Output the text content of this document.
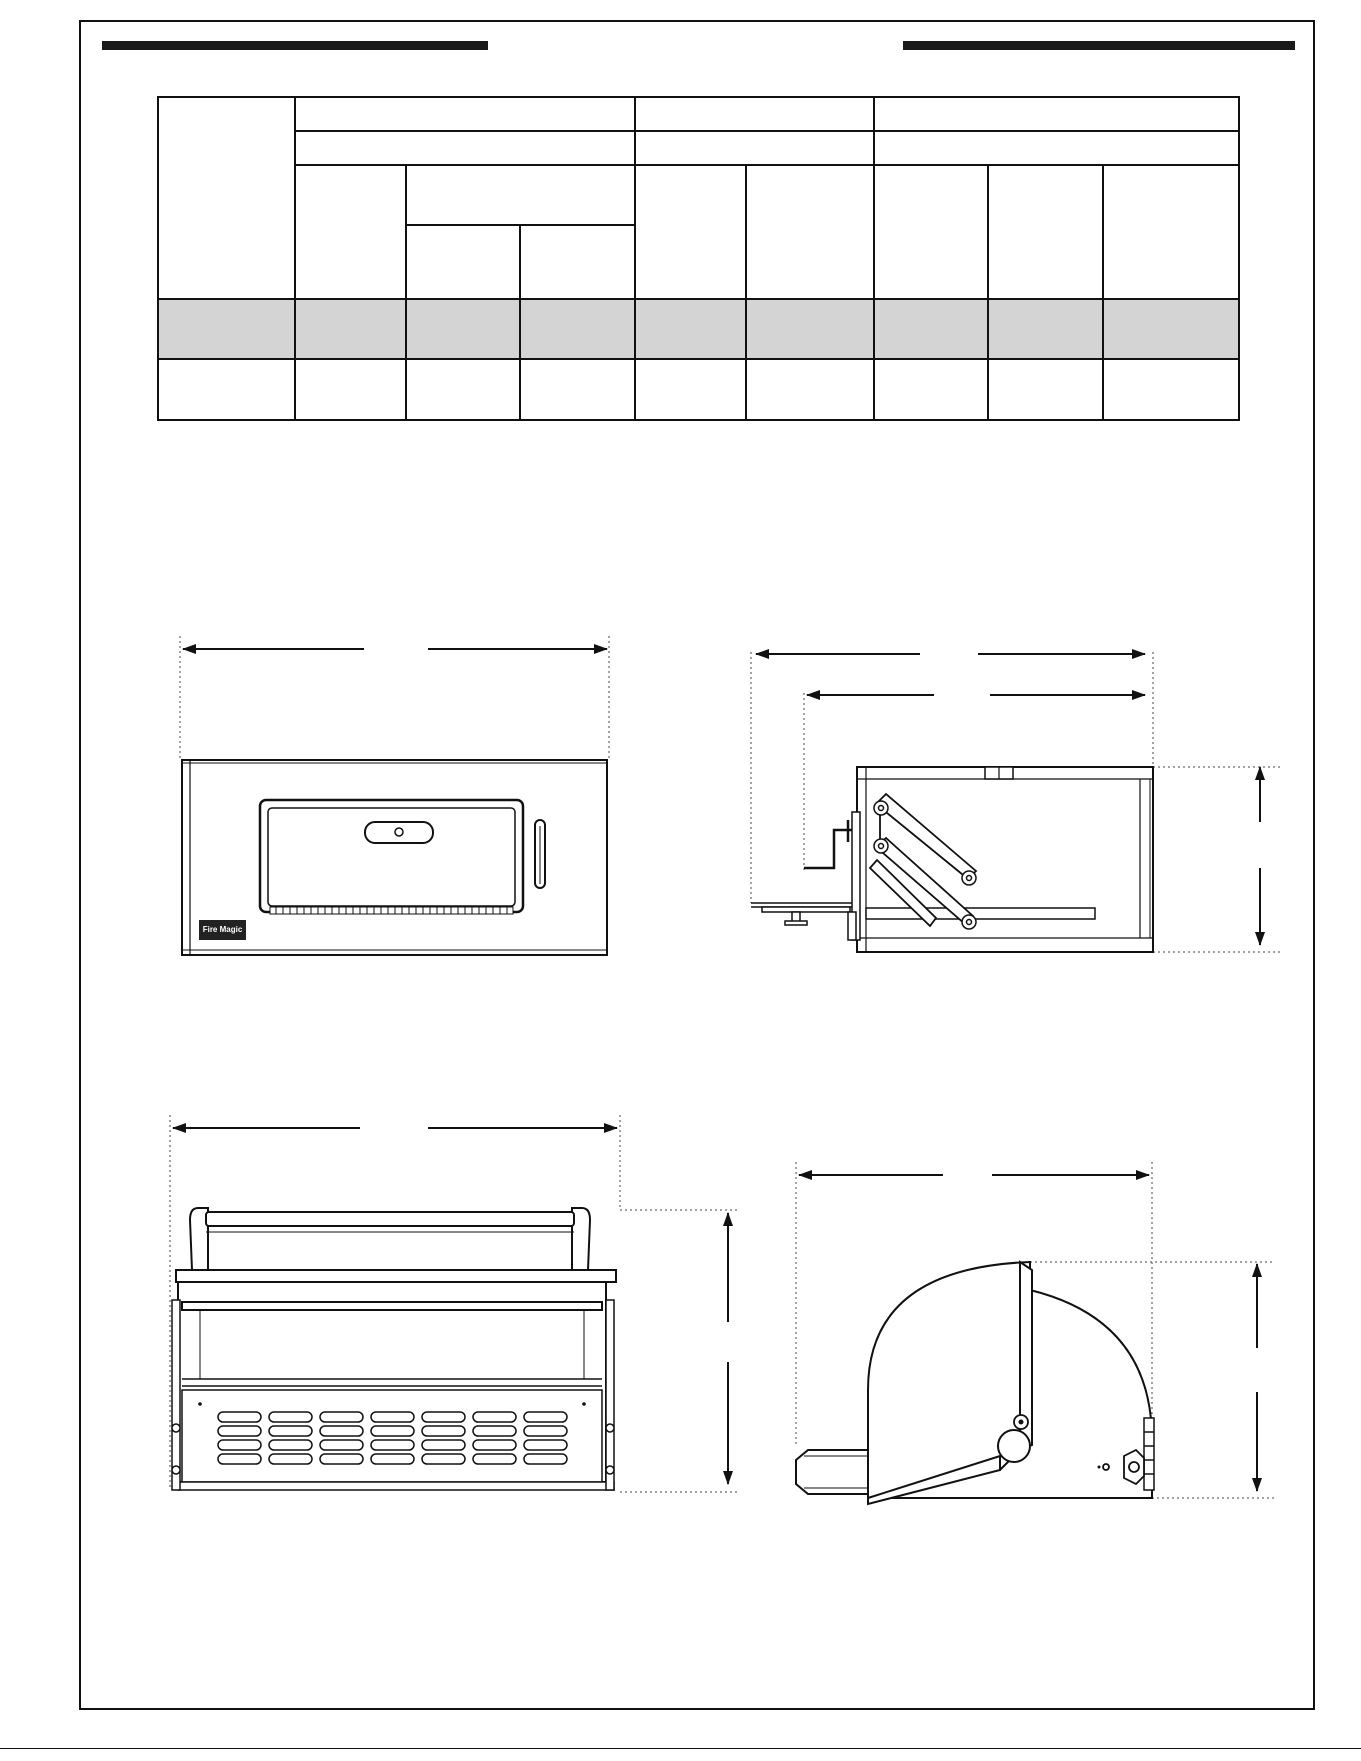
Fire Magic
